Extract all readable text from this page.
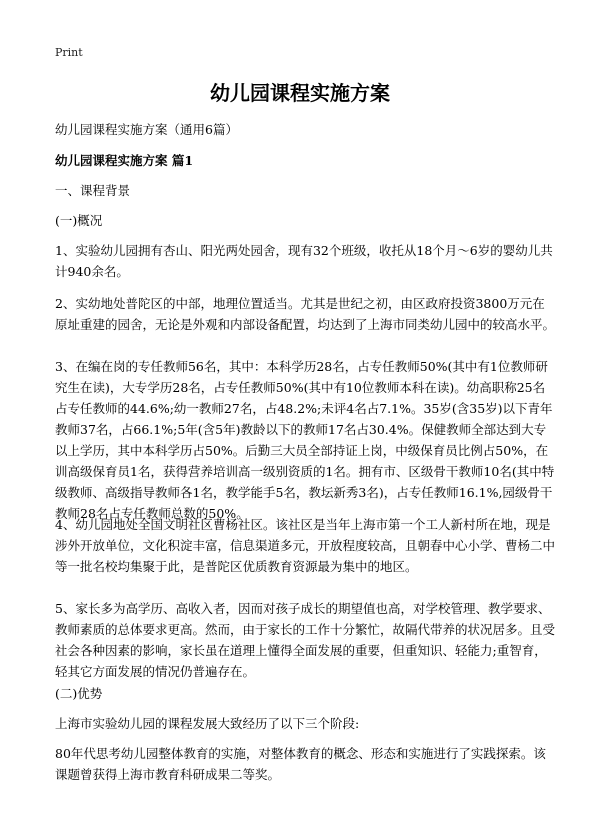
Print
幼儿园课程实施方案

幼儿园课程实施方案（通用6篇）

幼儿园课程实施方案 篇1

一、课程背景

(一)概况

1、实验幼儿园拥有杏山、阳光两处园舍，现有32个班级，收托从18个月～6岁的婴幼儿共计940余名。

2、实幼地处普陀区的中部，地理位置适当。尤其是世纪之初，由区政府投资3800万元在原址重建的园舍，无论是外观和内部设备配置，均达到了上海市同类幼儿园中的较高水平。

3、在编在岗的专任教师56名，其中：本科学历28名，占专任教师50%(其中有1位教师研究生在读)，大专学历28名，占专任教师50%(其中有10位教师本科在读)。幼高职称25名占专任教师的44.6%;幼一教师27名，占48.2%;未评4名占7.1%。35岁(含35岁)以下青年教师37名，占66.1%;5年(含5年)教龄以下的教师17名占30.4%。保健教师全部达到大专以上学历，其中本科学历占50%。后勤三大员全部持证上岗，中级保育员比例占50%，在训高级保育员1名，获得营养培训高一级别资质的1名。拥有市、区级骨干教师10名(其中特级教师、高级指导教师各1名，教学能手5名，教坛新秀3名)，占专任教师16.1%,园级骨干教师28名占专任教师总数的50%。

4、幼儿园地处全国文明社区曹杨社区。该社区是当年上海市第一个工人新村所在地，现是涉外开放单位，文化积淀丰富，信息渠道多元，开放程度较高，且朝春中心小学、曹杨二中等一批名校均集聚于此，是普陀区优质教育资源最为集中的地区。

5、家长多为高学历、高收入者，因而对孩子成长的期望值也高，对学校管理、教学要求、教师素质的总体要求更高。然而，由于家长的工作十分繁忙，故隔代带养的状况居多。且受社会各种因素的影响，家长虽在道理上懂得全面发展的重要，但重知识、轻能力;重智育，轻其它方面发展的情况仍普遍存在。

(二)优势

上海市实验幼儿园的课程发展大致经历了以下三个阶段:

80年代思考幼儿园整体教育的实施，对整体教育的概念、形态和实施进行了实践探索。该课题曾获得上海市教育科研成果二等奖。
